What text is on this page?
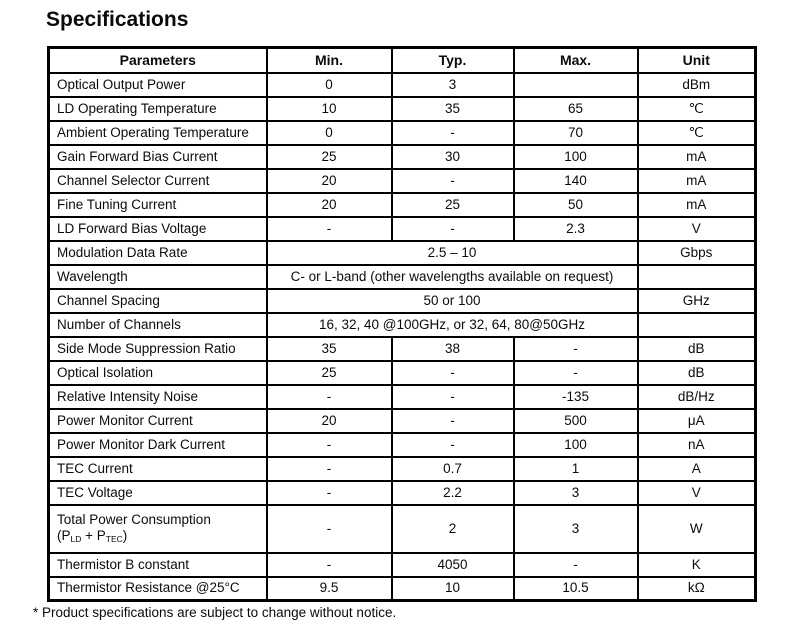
Specifications
Parameters	Min.	Typ.	Max.	Unit
Optical Output Power	0	3		dBm
LD Operating Temperature	10	35	65	℃
Ambient Operating Temperature	0	-	70	℃
Gain Forward Bias Current	25	30	100	mA
Channel Selector Current	20	-	140	mA
Fine Tuning Current	20	25	50	mA
LD Forward Bias Voltage	-	-	2.3	V
Modulation Data Rate	2.5 – 10			Gbps
Wavelength	C- or L-band (other wavelengths available on request)			
Channel Spacing	50 or 100			GHz
Number of Channels	16, 32, 40 @100GHz, or 32, 64, 80@50GHz			
Side Mode Suppression Ratio	35	38	-	dB
Optical Isolation	25	-	-	dB
Relative Intensity Noise	-	-	-135	dB/Hz
Power Monitor Current	20	-	500	μA
Power Monitor Dark Current	-	-	100	nA
TEC Current	-	0.7	1	A
TEC Voltage	-	2.2	3	V
Total Power Consumption
$(P_{LD} + P_{TEC})$	-	2	3	W
Thermistor B constant	-	4050	-	K
Thermistor Resistance @25°C	9.5	10	10.5	kΩ
* Product specifications are subject to change without notice.
